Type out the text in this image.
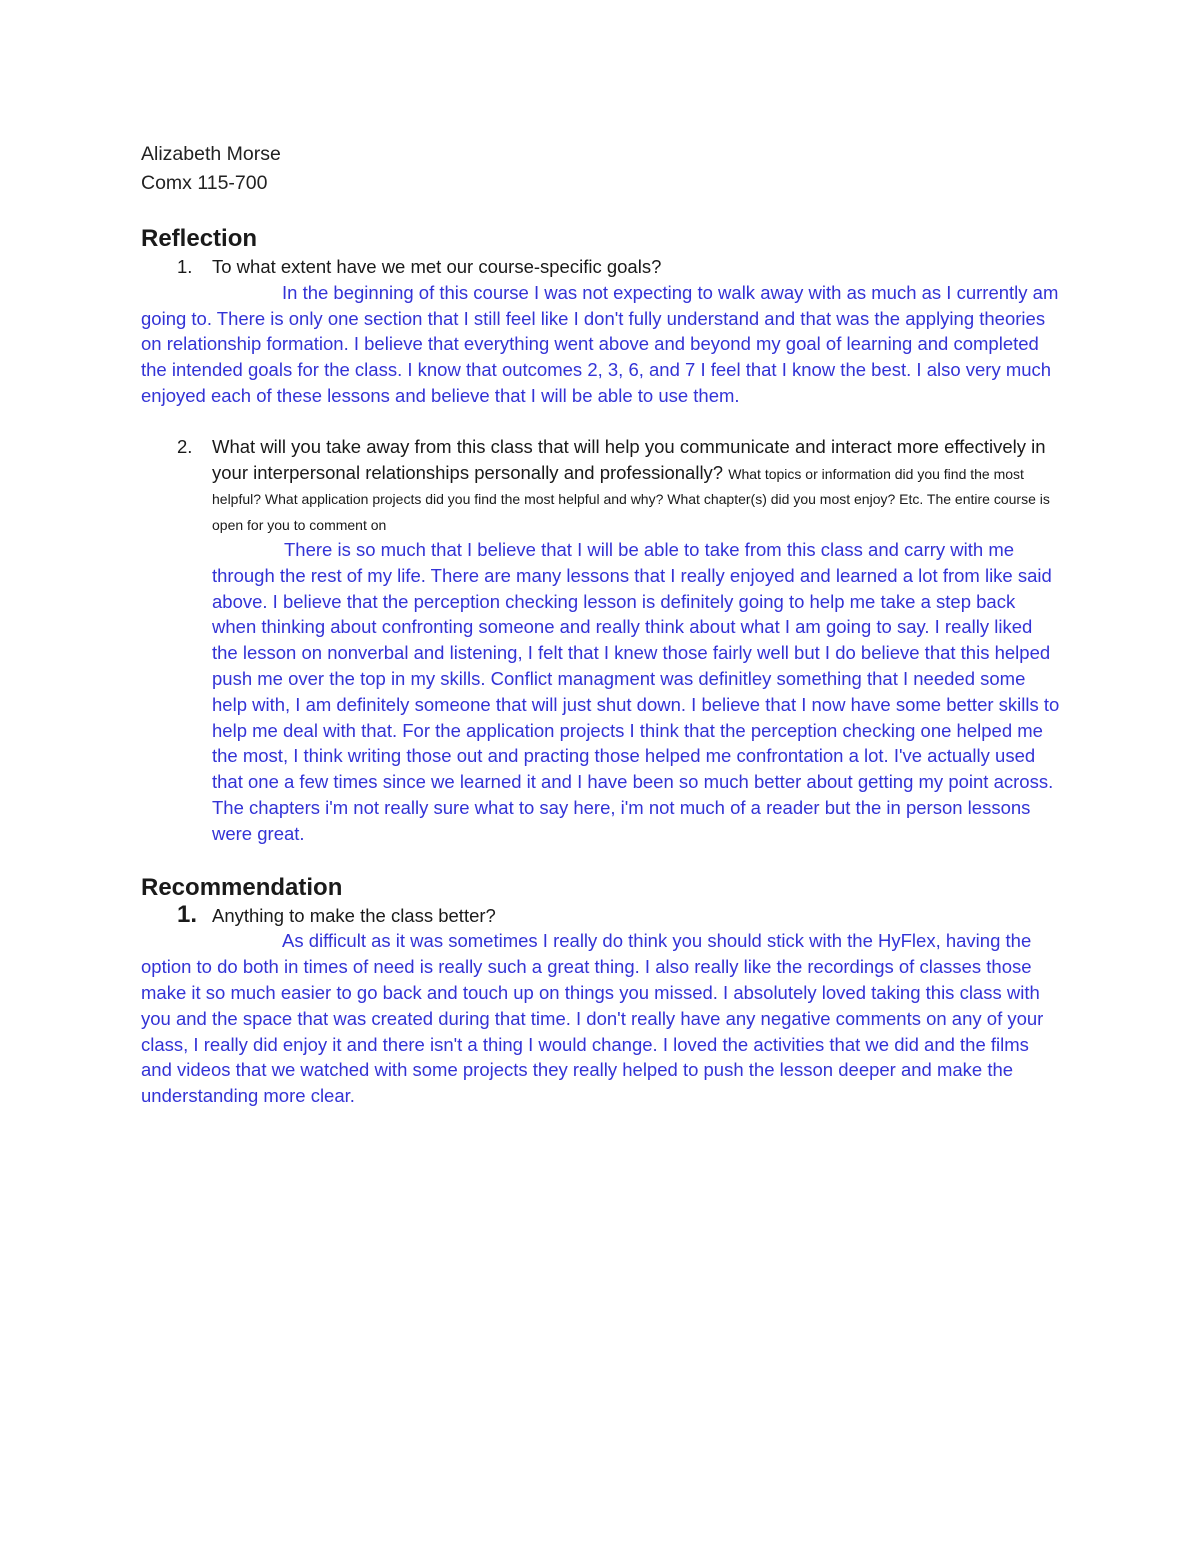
Alizabeth Morse
Comx 115-700
Reflection
1. To what extent have we met our course-specific goals?

In the beginning of this course I was not expecting to walk away with as much as I currently am going to. There is only one section that I still feel like I don't fully understand and that was the applying theories on relationship formation. I believe that everything went above and beyond my goal of learning and completed the intended goals for the class. I know that outcomes 2, 3, 6, and 7 I feel that I know the best. I also very much enjoyed each of these lessons and believe that I will be able to use them.

2. What will you take away from this class that will help you communicate and interact more effectively in your interpersonal relationships personally and professionally? What topics or information did you find the most helpful? What application projects did you find the most helpful and why? What chapter(s) did you most enjoy? Etc. The entire course is open for you to comment on

There is so much that I believe that I will be able to take from this class and carry with me through the rest of my life. There are many lessons that I really enjoyed and learned a lot from like said above. I believe that the perception checking lesson is definitely going to help me take a step back when thinking about confronting someone and really think about what I am going to say. I really liked the lesson on nonverbal and listening, I felt that I knew those fairly well but I do believe that this helped push me over the top in my skills. Conflict managment was definitley something that I needed some help with, I am definitely someone that will just shut down. I believe that I now have some better skills to help me deal with that. For the application projects I think that the perception checking one helped me the most, I think writing those out and practing those helped me confrontation a lot. I've actually used that one a few times since we learned it and I have been so much better about getting my point across. The chapters i'm not really sure what to say here, i'm not much of a reader but the in person lessons were great.

Recommendation
1. Anything to make the class better?

As difficult as it was sometimes I really do think you should stick with the HyFlex, having the option to do both in times of need is really such a great thing. I also really like the recordings of classes those make it so much easier to go back and touch up on things you missed. I absolutely loved taking this class with you and the space that was created during that time. I don't really have any negative comments on any of your class, I really did enjoy it and there isn't a thing I would change. I loved the activities that we did and the films and videos that we watched with some projects they really helped to push the lesson deeper and make the understanding more clear.
